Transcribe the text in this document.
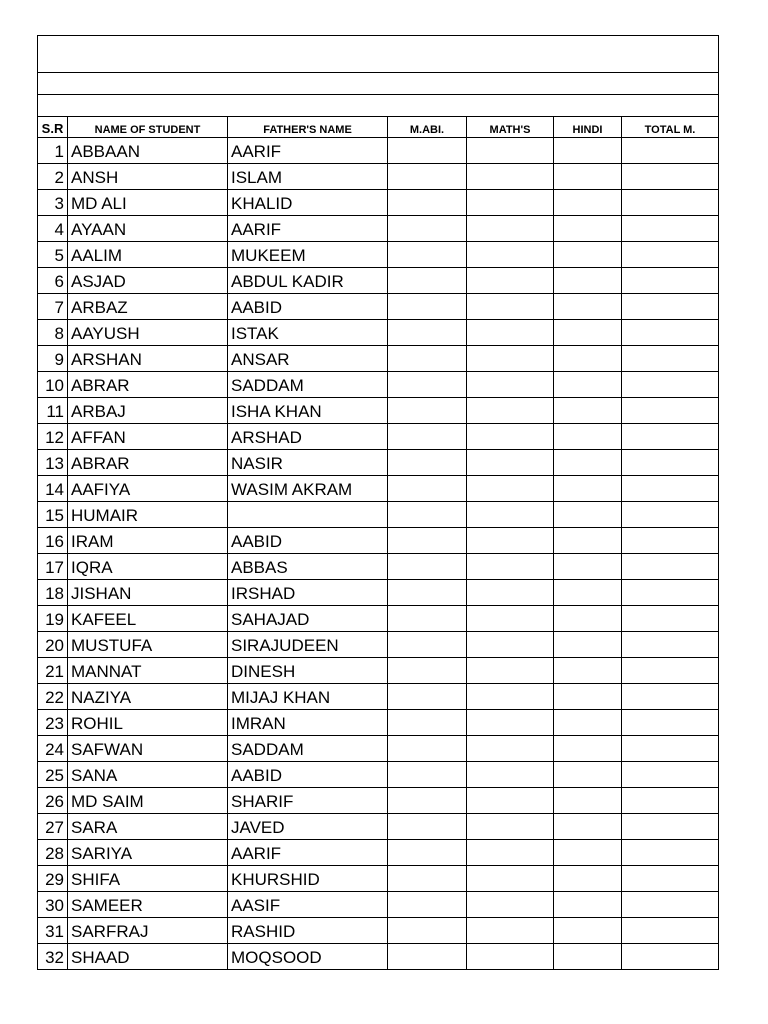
S.R	NAME OF STUDENT	FATHER'S NAME	M.ABI.	MATH'S	HINDI	TOTAL M.
1	ABBAAN	AARIF				
2	ANSH	ISLAM				
3	MD ALI	KHALID				
4	AYAAN	AARIF				
5	AALIM	MUKEEM				
6	ASJAD	ABDUL KADIR				
7	ARBAZ	AABID				
8	AAYUSH	ISTAK				
9	ARSHAN	ANSAR				
10	ABRAR	SADDAM				
11	ARBAJ	ISHA KHAN				
12	AFFAN	ARSHAD				
13	ABRAR	NASIR				
14	AAFIYA	WASIM AKRAM				
15	HUMAIR					
16	IRAM	AABID				
17	IQRA	ABBAS				
18	JISHAN	IRSHAD				
19	KAFEEL	SAHAJAD				
20	MUSTUFA	SIRAJUDEEN				
21	MANNAT	DINESH				
22	NAZIYA	MIJAJ KHAN				
23	ROHIL	IMRAN				
24	SAFWAN	SADDAM				
25	SANA	AABID				
26	MD SAIM	SHARIF				
27	SARA	JAVED				
28	SARIYA	AARIF				
29	SHIFA	KHURSHID				
30	SAMEER	AASIF				
31	SARFRAJ	RASHID				
32	SHAAD	MOQSOOD				
